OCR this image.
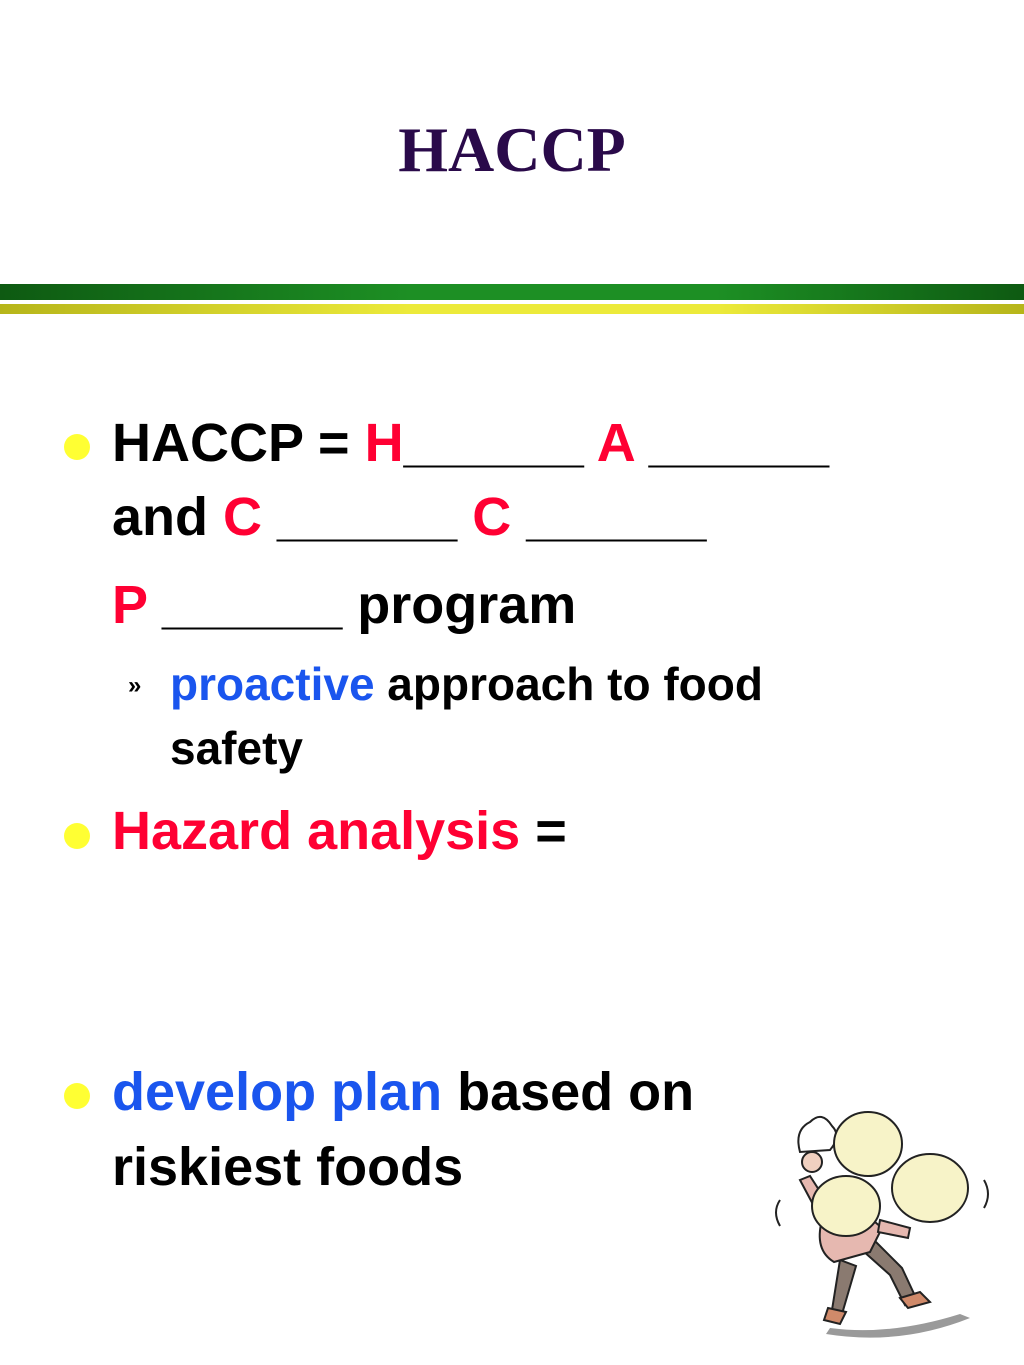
HACCP
HACCP = H______ A ______
and C ______ C ______
P ______ program
» proactive approach to food
safety
Hazard analysis =
develop plan based on
riskiest foods
